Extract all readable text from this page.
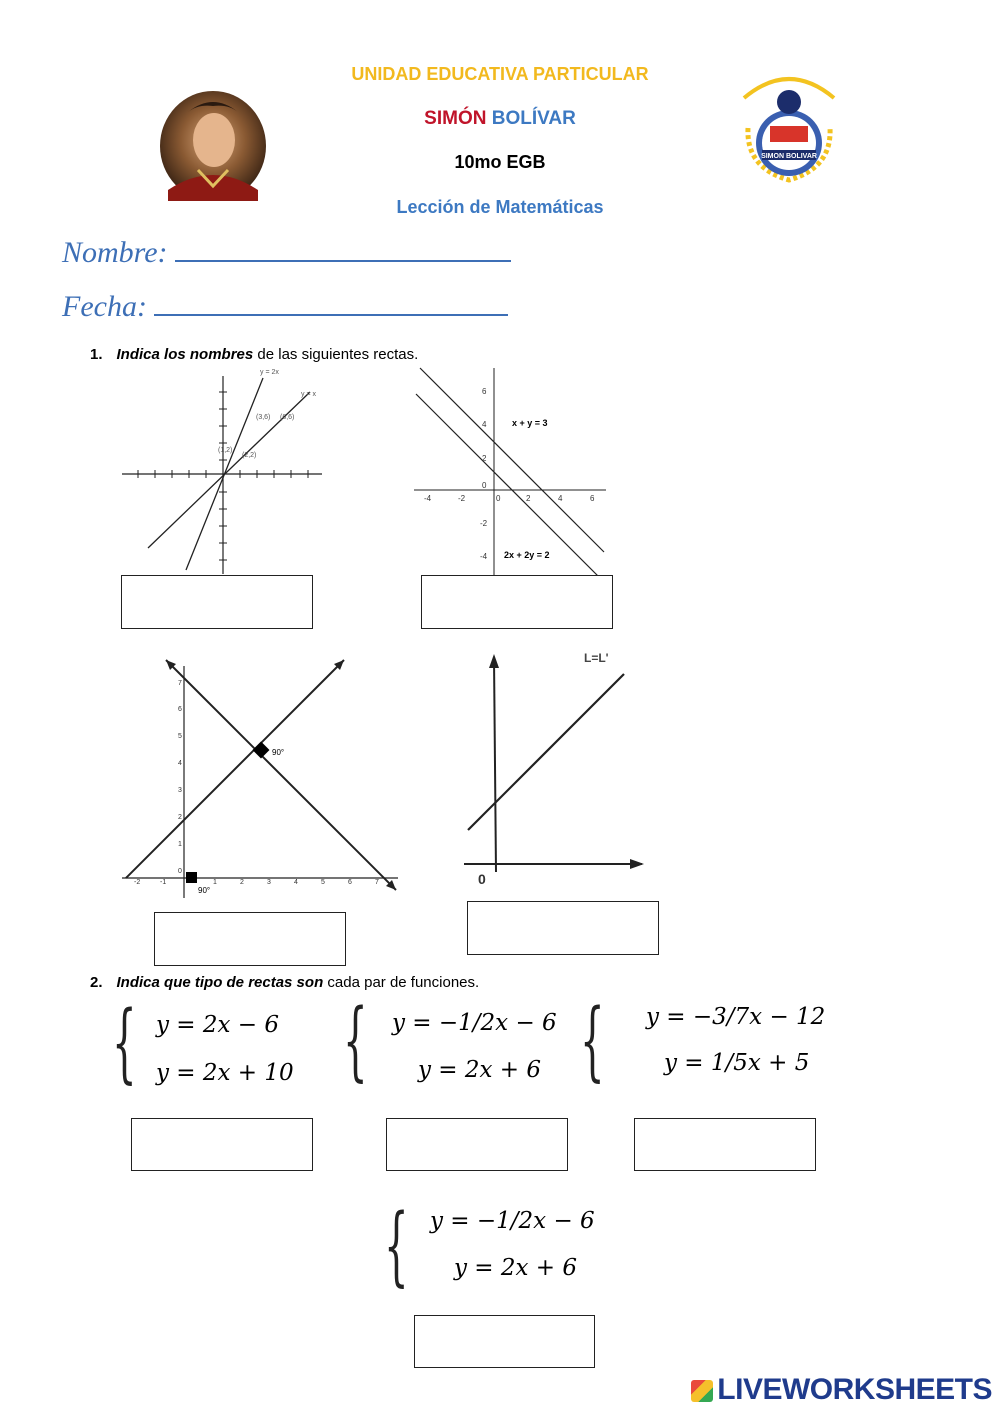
UNIDAD EDUCATIVA PARTICULAR
SIMÓN BOLÍVAR
10mo EGB
Lección de Matemáticas
SIMON BOLIVAR
Nombre:
Fecha:
1. Indica los nombres de las siguientes rectas.
y = 2x
y = x
(3,6) (6,6)
(1,2)
(2,2)
6
4
2
0
-2
-4
-4	-2	0	2	4	6
x + y = 3
2x + 2y = 2
90°
90°
7
6
5
4
3
2
1
0
-2	-1	1	2	3	4	5	6	7
L=L'
0
2. Indica que tipo de rectas son cada par de funciones.
{ y = 2x − 6
y = 2x + 10 { y = −1/2x − 6
y = 2x + 6 { y = −3/7x − 12
y = 1/5x + 5
{ y = −1/2x − 6
y = 2x + 6
LIVEWORKSHEETS
